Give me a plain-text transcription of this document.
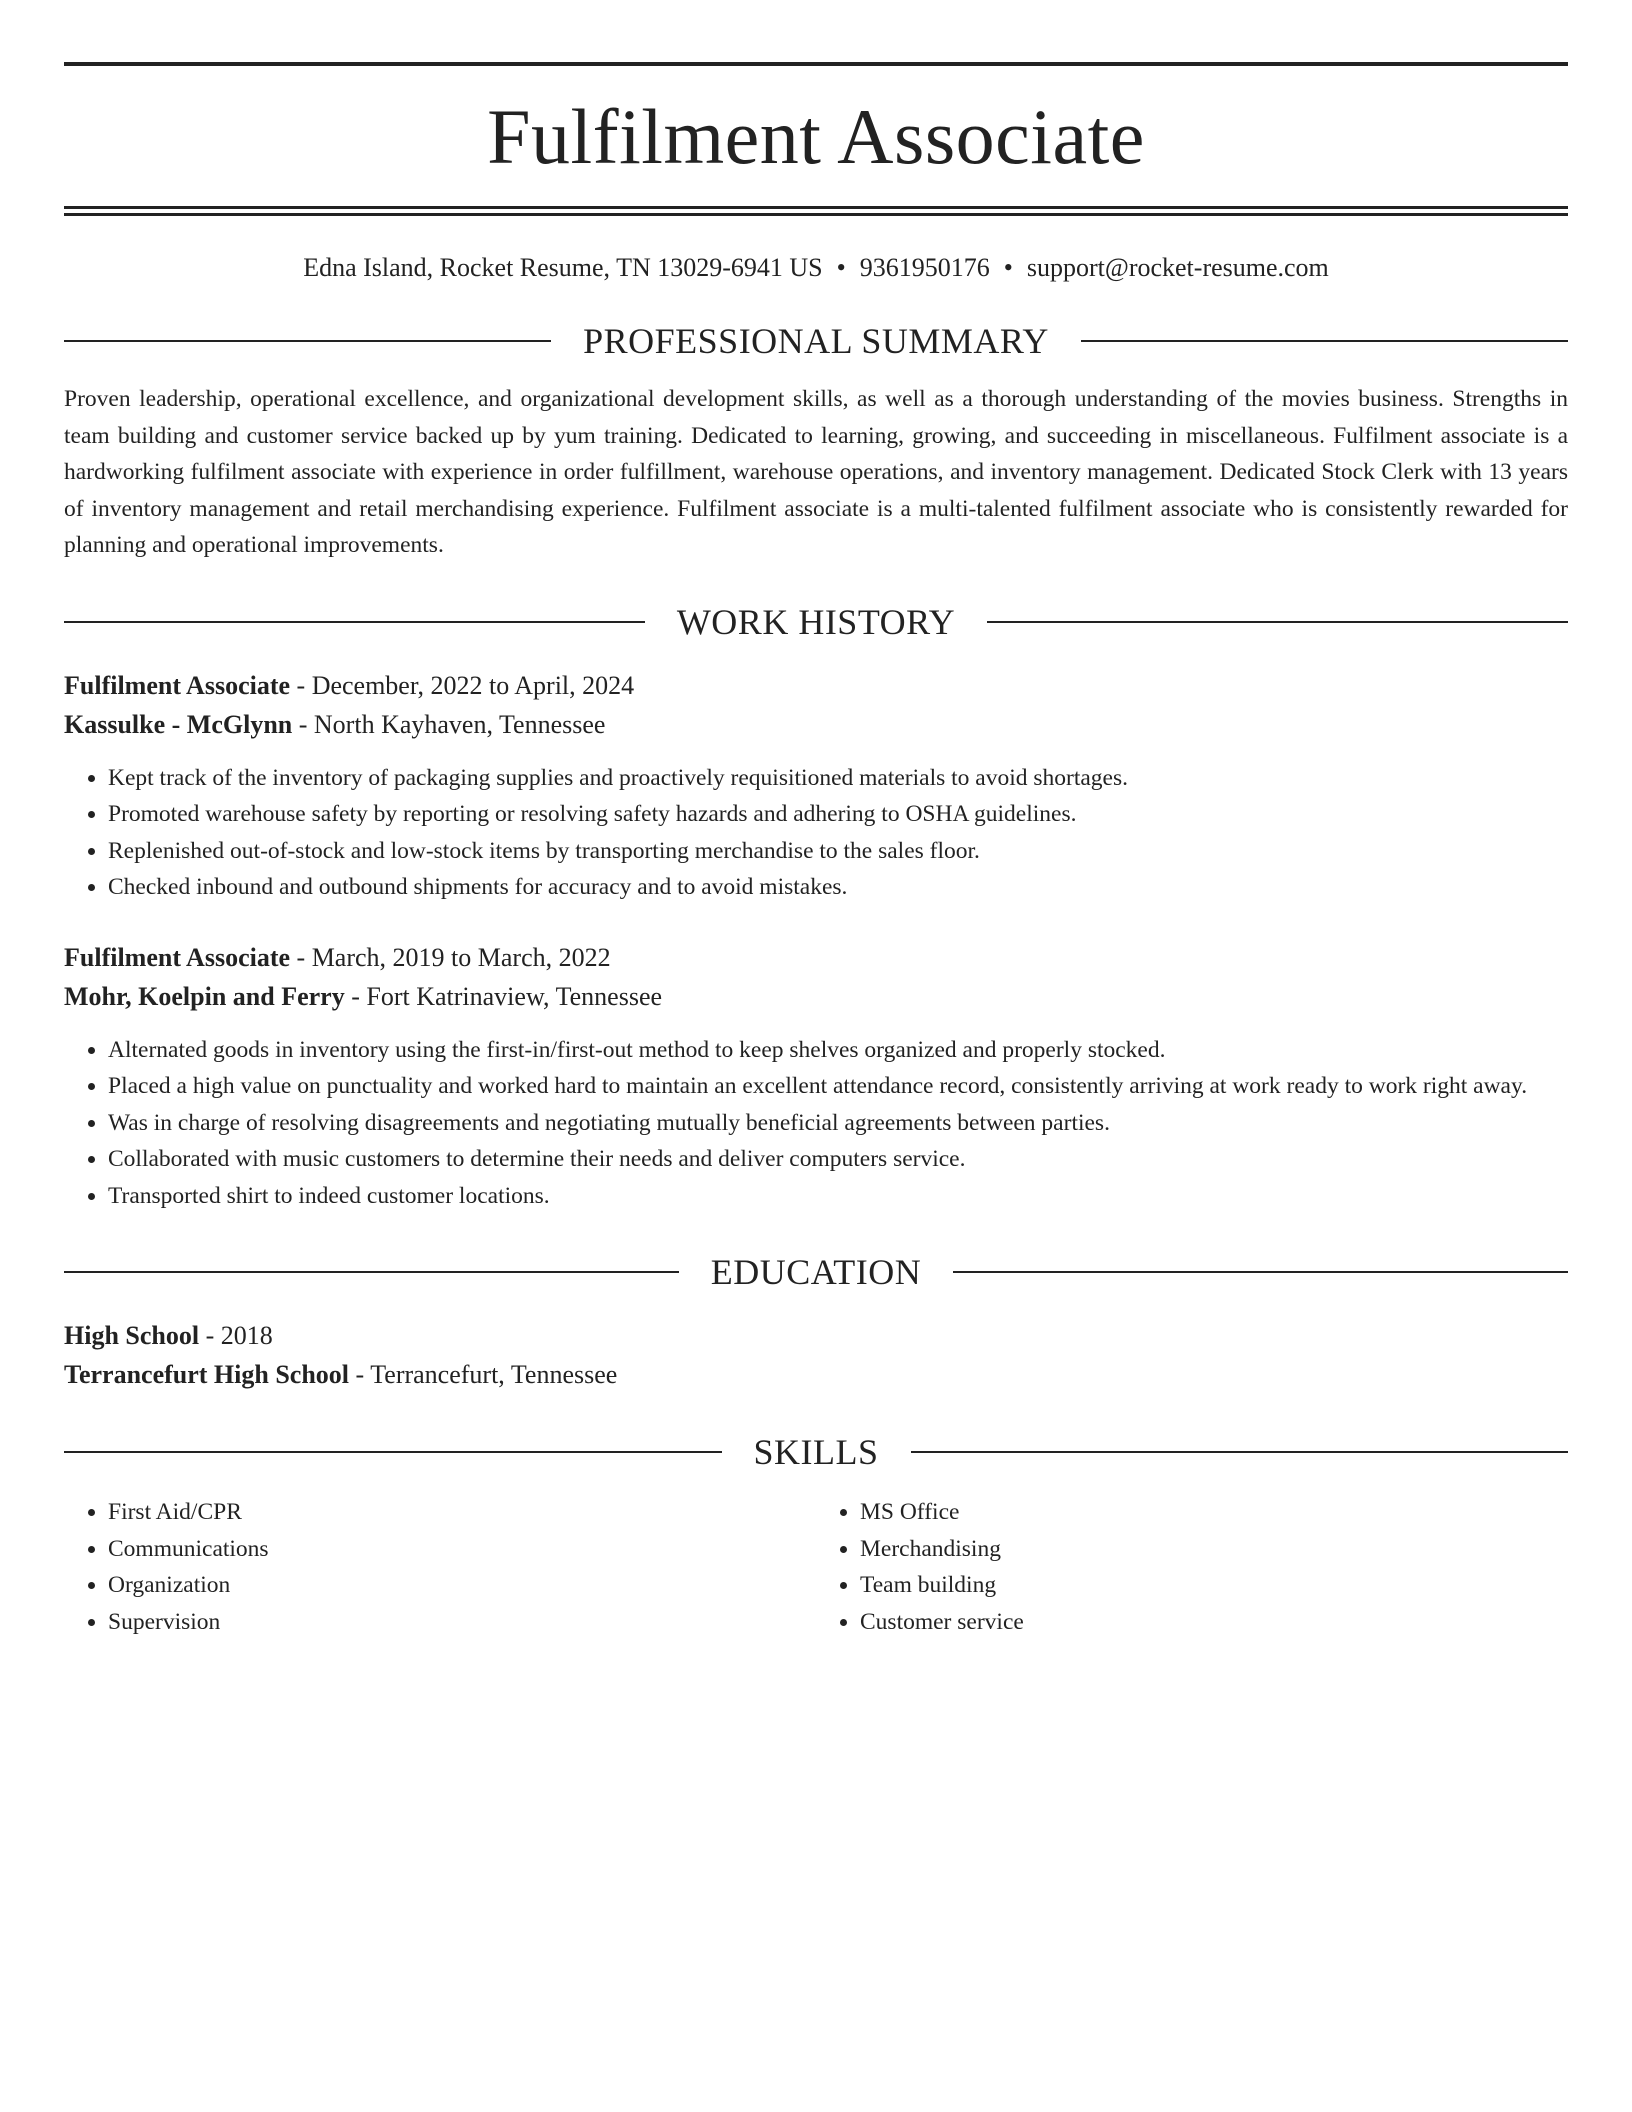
Fulfilment Associate
Edna Island, Rocket Resume, TN 13029-6941 US • 9361950176 • support@rocket-resume.com
PROFESSIONAL SUMMARY
Proven leadership, operational excellence, and organizational development skills, as well as a thorough understanding of the movies business. Strengths in team building and customer service backed up by yum training. Dedicated to learning, growing, and succeeding in miscellaneous. Fulfilment associate is a hardworking fulfilment associate with experience in order fulfillment, warehouse operations, and inventory management. Dedicated Stock Clerk with 13 years of inventory management and retail merchandising experience. Fulfilment associate is a multi-talented fulfilment associate who is consistently rewarded for planning and operational improvements.
WORK HISTORY
Fulfilment Associate - December, 2022 to April, 2024
Kassulke - McGlynn - North Kayhaven, Tennessee
• Kept track of the inventory of packaging supplies and proactively requisitioned materials to avoid shortages.
• Promoted warehouse safety by reporting or resolving safety hazards and adhering to OSHA guidelines.
• Replenished out-of-stock and low-stock items by transporting merchandise to the sales floor.
• Checked inbound and outbound shipments for accuracy and to avoid mistakes.
Fulfilment Associate - March, 2019 to March, 2022
Mohr, Koelpin and Ferry - Fort Katrinaview, Tennessee
• Alternated goods in inventory using the first-in/first-out method to keep shelves organized and properly stocked.
• Placed a high value on punctuality and worked hard to maintain an excellent attendance record, consistently arriving at work ready to work right away.
• Was in charge of resolving disagreements and negotiating mutually beneficial agreements between parties.
• Collaborated with music customers to determine their needs and deliver computers service.
• Transported shirt to indeed customer locations.
EDUCATION
High School - 2018
Terrancefurt High School - Terrancefurt, Tennessee
SKILLS
• First Aid/CPR
• Communications
• Organization
• Supervision
• MS Office
• Merchandising
• Team building
• Customer service
